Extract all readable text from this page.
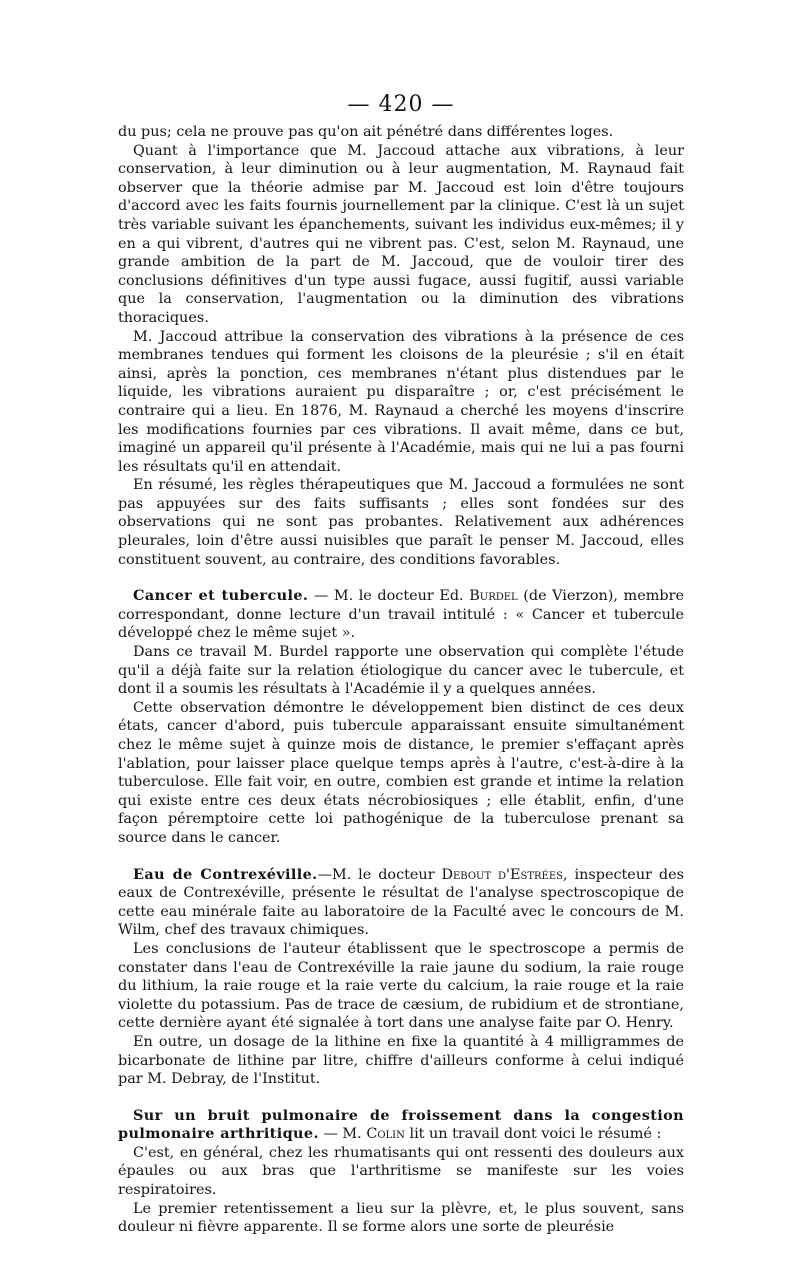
— 420 —

du pus; cela ne prouve pas qu'on ait pénétré dans différentes loges.

Quant à l'importance que M. Jaccoud attache aux vibrations, à leur conservation, à leur diminution ou à leur augmentation, M. Raynaud fait observer que la théorie admise par M. Jaccoud est loin d'être toujours d'accord avec les faits fournis journellement par la clinique. C'est là un sujet très variable suivant les épanchements, suivant les individus eux-mêmes; il y en a qui vibrent, d'autres qui ne vibrent pas. C'est, selon M. Raynaud, une grande ambition de la part de M. Jaccoud, que de vouloir tirer des conclusions définitives d'un type aussi fugace, aussi fugitif, aussi variable que la conservation, l'augmentation ou la diminution des vibrations thoraciques.

M. Jaccoud attribue la conservation des vibrations à la présence de ces membranes tendues qui forment les cloisons de la pleurésie ; s'il en était ainsi, après la ponction, ces membranes n'étant plus distendues par le liquide, les vibrations auraient pu disparaître ; or, c'est précisément le contraire qui a lieu. En 1876, M. Raynaud a cherché les moyens d'inscrire les modifications fournies par ces vibrations. Il avait même, dans ce but, imaginé un appareil qu'il présente à l'Académie, mais qui ne lui a pas fourni les résultats qu'il en attendait.

En résumé, les règles thérapeutiques que M. Jaccoud a formulées ne sont pas appuyées sur des faits suffisants ; elles sont fondées sur des observations qui ne sont pas probantes. Relativement aux adhérences pleurales, loin d'être aussi nuisibles que paraît le penser M. Jaccoud, elles constituent souvent, au contraire, des conditions favorables.

Cancer et tubercule. — M. le docteur Ed. Burdel (de Vierzon), membre correspondant, donne lecture d'un travail intitulé : « Cancer et tubercule développé chez le même sujet ».

Dans ce travail M. Burdel rapporte une observation qui complète l'étude qu'il a déjà faite sur la relation étiologique du cancer avec le tubercule, et dont il a soumis les résultats à l'Académie il y a quelques années.

Cette observation démontre le développement bien distinct de ces deux états, cancer d'abord, puis tubercule apparaissant ensuite simultanément chez le même sujet à quinze mois de distance, le premier s'effaçant après l'ablation, pour laisser place quelque temps après à l'autre, c'est-à-dire à la tuberculose. Elle fait voir, en outre, combien est grande et intime la relation qui existe entre ces deux états nécrobiosiques ; elle établit, enfin, d'une façon péremptoire cette loi pathogénique de la tuberculose prenant sa source dans le cancer.

Eau de Contrexéville.—M. le docteur Debout d'Estrées, inspecteur des eaux de Contrexéville, présente le résultat de l'analyse spectroscopique de cette eau minérale faite au laboratoire de la Faculté avec le concours de M. Wilm, chef des travaux chimiques.

Les conclusions de l'auteur établissent que le spectroscope a permis de constater dans l'eau de Contrexéville la raie jaune du sodium, la raie rouge du lithium, la raie rouge et la raie verte du calcium, la raie rouge et la raie violette du potassium. Pas de trace de cæsium, de rubidium et de strontiane, cette dernière ayant été signalée à tort dans une analyse faite par O. Henry.

En outre, un dosage de la lithine en fixe la quantité à 4 milligrammes de bicarbonate de lithine par litre, chiffre d'ailleurs conforme à celui indiqué par M. Debray, de l'Institut.

Sur un bruit pulmonaire de froissement dans la congestion pulmonaire arthritique. — M. Colin lit un travail dont voici le résumé :

C'est, en général, chez les rhumatisants qui ont ressenti des douleurs aux épaules ou aux bras que l'arthritisme se manifeste sur les voies respiratoires.

Le premier retentissement a lieu sur la plèvre, et, le plus souvent, sans douleur ni fièvre apparente. Il se forme alors une sorte de pleurésie
